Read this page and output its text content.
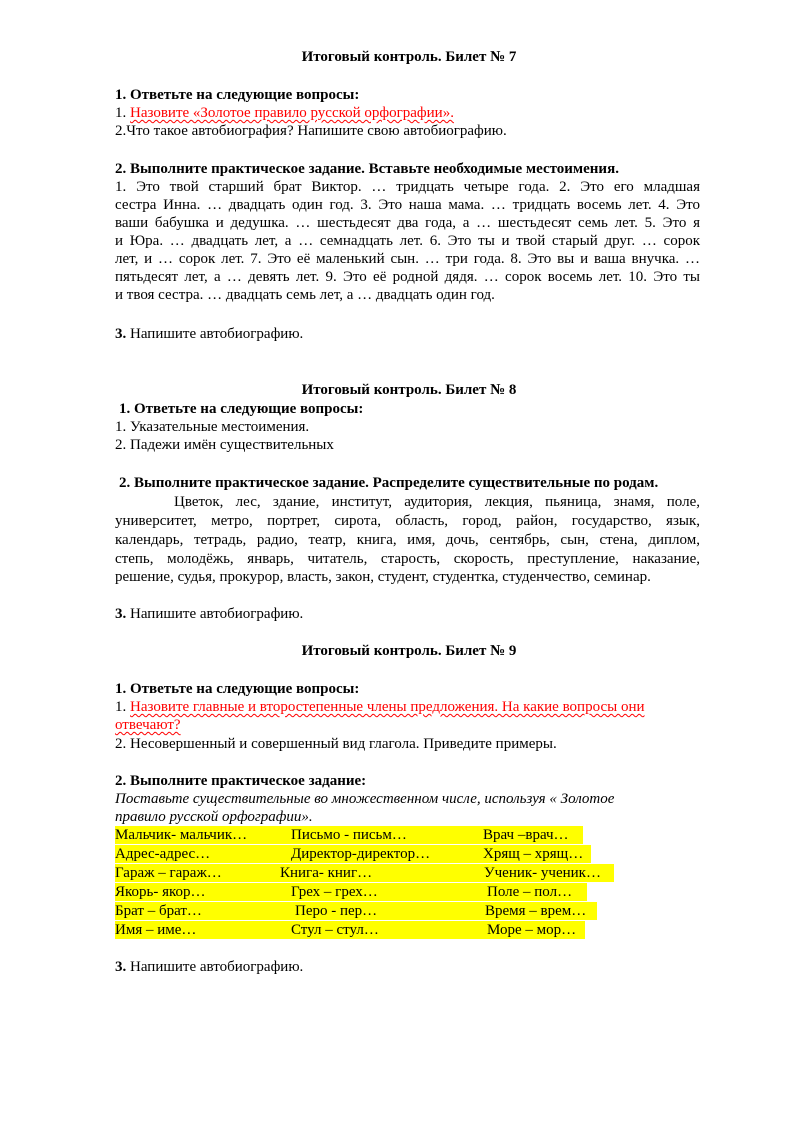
Итоговый контроль. Билет № 7
1. Ответьте на следующие вопросы:
1. Назовите «Золотое правило русской орфографии».
2.Что такое автобиография? Напишите свою автобиографию.
2. Выполните практическое задание. Вставьте необходимые местоимения.
1. Это твой старший брат Виктор. … тридцать четыре года. 2. Это его младшая
сестра Инна. … двадцать один год. 3. Это наша мама. … тридцать восемь лет. 4. Это
ваши бабушка и дедушка. … шестьдесят два года, а … шестьдесят семь лет. 5. Это я
и Юра. … двадцать лет, а … семнадцать лет. 6. Это ты и твой старый друг. … сорок
лет, и … сорок лет. 7. Это её маленький сын. … три года. 8. Это вы и ваша внучка. …
пятьдесят лет, а … девять лет. 9. Это её родной дядя. … сорок восемь лет. 10. Это ты
и твоя сестра. … двадцать семь лет, а … двадцать один год.
3. Напишите автобиографию.
Итоговый контроль. Билет № 8
1. Ответьте на следующие вопросы:
1. Указательные местоимения.
2. Падежи имён существительных
2. Выполните практическое задание. Распределите существительные по родам.
Цветок, лес, здание, институт, аудитория, лекция, пьяница, знамя, поле,
университет, метро, портрет, сирота, область, город, район, государство, язык,
календарь, тетрадь, радио, театр, книга, имя, дочь, сентябрь, сын, стена, диплом,
степь, молодёжь, январь, читатель, старость, скорость, преступление, наказание,
решение, судья, прокурор, власть, закон, студент, студентка, студенчество, семинар.
3. Напишите автобиографию.
Итоговый контроль. Билет № 9
1. Ответьте на следующие вопросы:
1. Назовите главные и второстепенные члены предложения. На какие вопросы они
отвечают?
2. Несовершенный и совершенный вид глагола. Приведите примеры.
2. Выполните практическое задание:
Поставьте существительные во множественном числе, используя « Золотое
правило русской орфографии».
Мальчик- мальчик…	Письмо - письм…	Врач –врач…
Адрес-адрес…	Директор-директор…	Хрящ – хрящ…
Гараж – гараж…	Книга- книг…	Ученик- ученик…
Якорь- якор…	Грех – грех…	Поле – пол…
Брат – брат…	Перо - пер…	Время – врем…
Имя – име…	Стул – стул…	Море – мор…
3. Напишите автобиографию.
